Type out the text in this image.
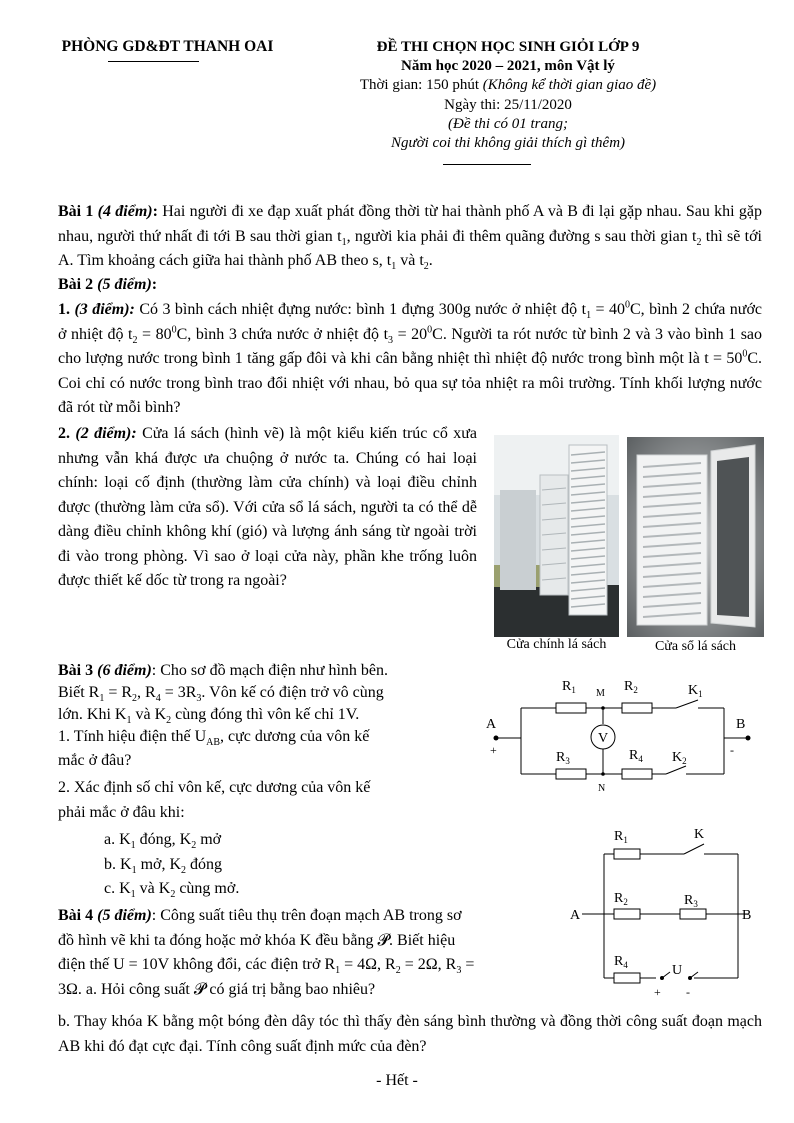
PHÒNG GD&ĐT THANH OAI	ĐỀ THI CHỌN HỌC SINH GIỎI LỚP 9
Năm học 2020 – 2021, môn Vật lý
Thời gian: 150 phút (Không kể thời gian giao đề)
Ngày thi: 25/11/2020
(Đề thi có 01 trang;
Người coi thi không giải thích gì thêm)
Bài 1 (4 điểm): Hai người đi xe đạp xuất phát đồng thời từ hai thành phố A và B đi lại gặp nhau. Sau khi gặp nhau, người thứ nhất đi tới B sau thời gian $t_1$, người kia phải đi thêm quãng đường s sau thời gian $t_2$ thì sẽ tới A. Tìm khoảng cách giữa hai thành phố AB theo s, $t_1$ và $t_2$.
Bài 2 (5 điểm):
1. (3 điểm): Có 3 bình cách nhiệt đựng nước: bình 1 đựng 300g nước ở nhiệt độ $t_1 = 40^0C$, bình 2 chứa nước ở nhiệt độ $t_2 = 80^0C$, bình 3 chứa nước ở nhiệt độ $t_3 = 20^0C$. Người ta rót nước từ bình 2 và 3 vào bình 1 sao cho lượng nước trong bình 1 tăng gấp đôi và khi cân bằng nhiệt thì nhiệt độ nước trong bình một là $t = 50^0C$. Coi chỉ có nước trong bình trao đổi nhiệt với nhau, bỏ qua sự tỏa nhiệt ra môi trường. Tính khối lượng nước đã rót từ mỗi bình?
2. (2 điểm): Cửa lá sách (hình vẽ) là một kiểu kiến trúc cổ xưa nhưng vẫn khá được ưa chuộng ở nước ta. Chúng có hai loại chính: loại cố định (thường làm cửa chính) và loại điều chỉnh được (thường làm cửa sổ). Với cửa sổ lá sách, người ta có thể dễ dàng điều chỉnh không khí (gió) và lượng ánh sáng từ ngoài trời đi vào trong phòng. Vì sao ở loại cửa này, phần khe trống luôn được thiết kế dốc từ trong ra ngoài?
Cửa chính lá sách	Cửa sổ lá sách
Bài 3 (6 điểm): Cho sơ đồ mạch điện như hình bên.
Biết $R_1 = R_2$, $R_4 = 3R_3$. Vôn kế có điện trở vô cùng
lớn. Khi $K_1$ và $K_2$ cùng đóng thì vôn kế chỉ 1V.
1. Tính hiệu điện thế $U_{AB}$, cực dương của vôn kế
mắc ở đâu?
2. Xác định số chỉ vôn kế, cực dương của vôn kế
phải mắc ở đâu khi:
a. $K_1$ đóng, $K_2$ mở
b. $K_1$ mở, $K_2$ đóng
c. $K_1$ và $K_2$ cùng mở.
$R_1$	$R_2$	$K_1$
M
N
A	B
+	-
V
$R_3$	$R_4$ $K_2$
Bài 4 (5 điểm): Công suất tiêu thụ trên đoạn mạch AB trong sơ
đồ hình vẽ khi ta đóng hoặc mở khóa K đều bằng 𝓟. Biết hiệu
điện thế U = 10V không đổi, các điện trở $R_1 = 4\Omega$, $R_2 = 2\Omega$, $R_3$ =
3Ω. a. Hỏi công suất 𝓟 có giá trị bằng bao nhiêu?
b. Thay khóa K bằng một bóng đèn dây tóc thì thấy đèn sáng bình thường và đồng thời công suất đoạn mạch AB khi đó đạt cực đại. Tính công suất định mức của đèn?
$R_1$	K
$R_2$	$R_3$
A	B
$R_4$	U
+ -
- Hết -
